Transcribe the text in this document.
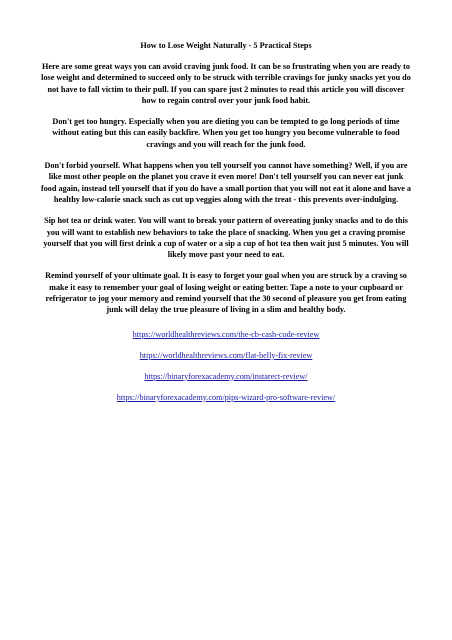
How to Lose Weight Naturally - 5 Practical Steps

Here are some great ways you can avoid craving junk food. It can be so frustrating when you are ready to lose weight and determined to succeed only to be struck with terrible cravings for junky snacks yet you do not have to fall victim to their pull. If you can spare just 2 minutes to read this article you will discover how to regain control over your junk food habit.

Don't get too hungry. Especially when you are dieting you can be tempted to go long periods of time without eating but this can easily backfire. When you get too hungry you become vulnerable to food cravings and you will reach for the junk food.

Don't forbid yourself. What happens when you tell yourself you cannot have something? Well, if you are like most other people on the planet you crave it even more! Don't tell yourself you can never eat junk food again, instead tell yourself that if you do have a small portion that you will not eat it alone and have a healthy low-calorie snack such as cut up veggies along with the treat - this prevents over-indulging.

Sip hot tea or drink water. You will want to break your pattern of overeating junky snacks and to do this you will want to establish new behaviors to take the place of snacking. When you get a craving promise yourself that you will first drink a cup of water or a sip a cup of hot tea then wait just 5 minutes. You will likely move past your need to eat.

Remind yourself of your ultimate goal. It is easy to forget your goal when you are struck by a craving so make it easy to remember your goal of losing weight or eating better. Tape a note to your cupboard or refrigerator to jog your memory and remind yourself that the 30 second of pleasure you get from eating junk will delay the true pleasure of living in a slim and healthy body.

https://worldhealthreviews.com/the-cb-cash-code-review
https://worldhealthreviews.com/flat-belly-fix-review
https://binaryforexacademy.com/instarect-review/
https://binaryforexacademy.com/pips-wizard-pro-software-review/
